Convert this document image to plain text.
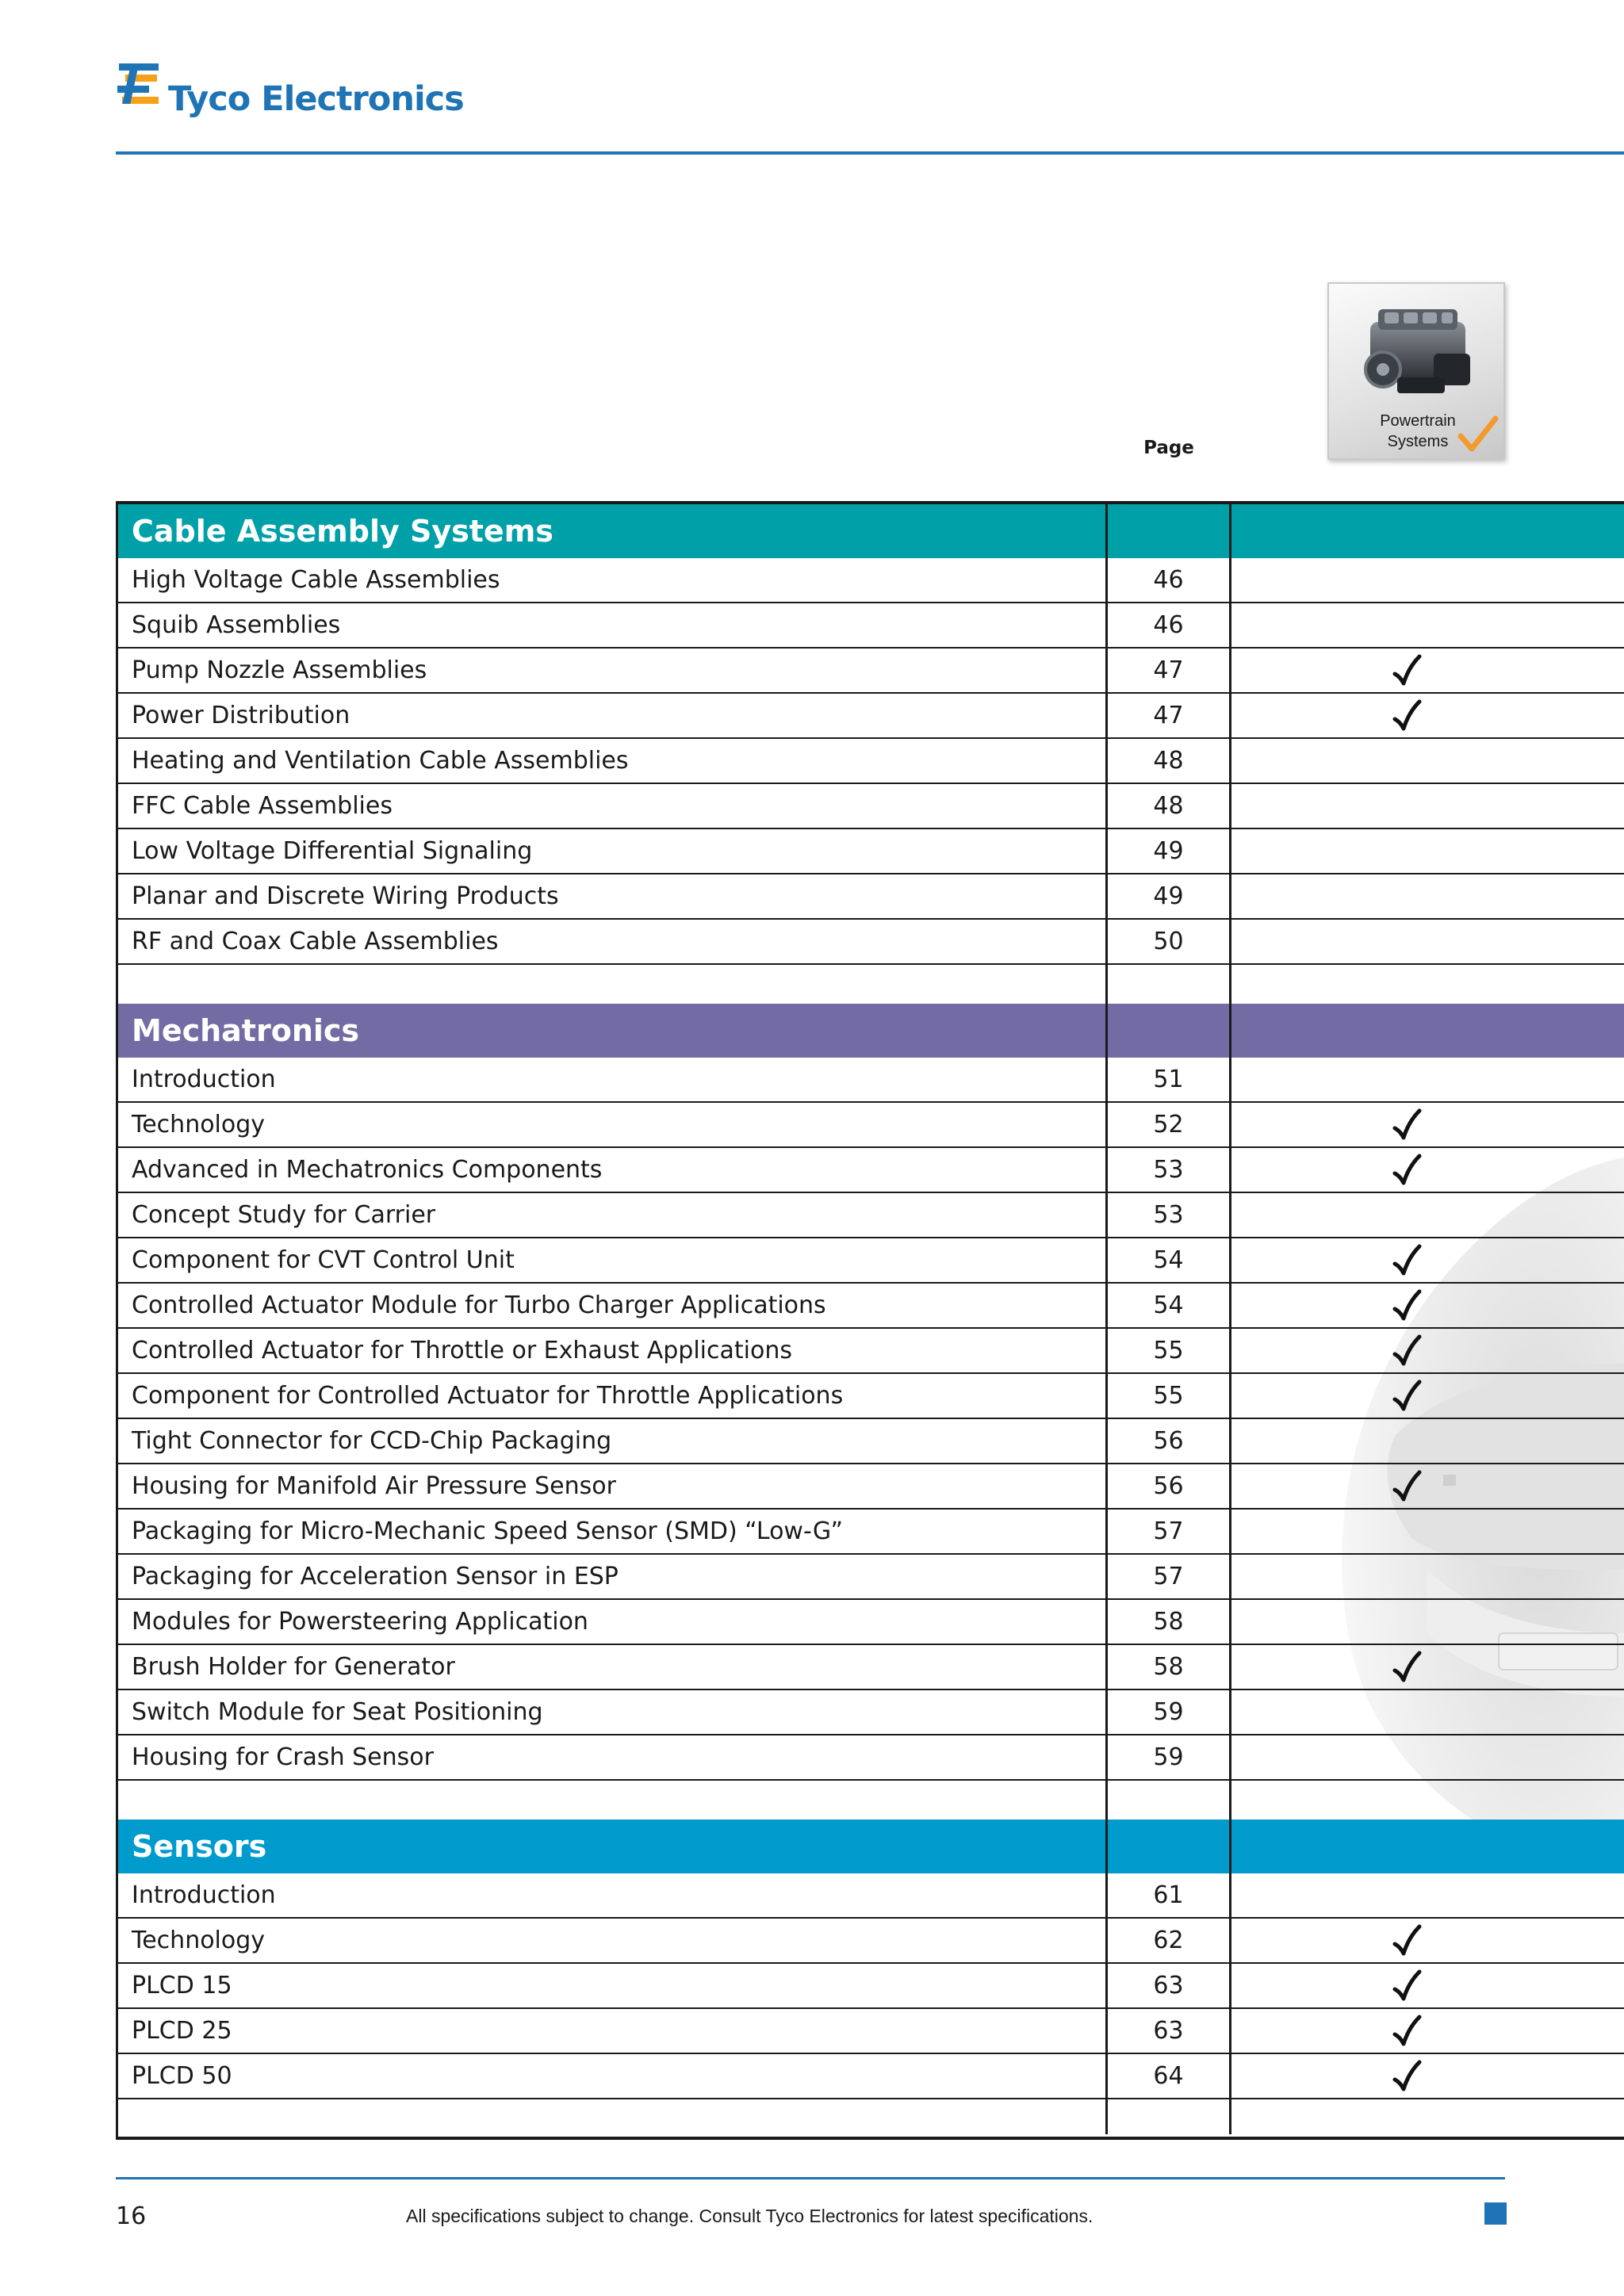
Tyco Electronics
Powertrain
Systems
Page
Cable Assembly Systems
High Voltage Cable Assemblies	46
Squib Assemblies	46
Pump Nozzle Assemblies	47
Power Distribution	47
Heating and Ventilation Cable Assemblies	48
FFC Cable Assemblies	48
Low Voltage Differential Signaling	49
Planar and Discrete Wiring Products	49
RF and Coax Cable Assemblies	50
Mechatronics
Introduction	51
Technology	52
Advanced in Mechatronics Components	53
Concept Study for Carrier	53
Component for CVT Control Unit	54
Controlled Actuator Module for Turbo Charger Applications	54
Controlled Actuator for Throttle or Exhaust Applications	55
Component for Controlled Actuator for Throttle Applications	55
Tight Connector for CCD-Chip Packaging	56
Housing for Manifold Air Pressure Sensor	56
Packaging for Micro-Mechanic Speed Sensor (SMD) “Low-G”	57
Packaging for Acceleration Sensor in ESP	57
Modules for Powersteering Application	58
Brush Holder for Generator	58
Switch Module for Seat Positioning	59
Housing for Crash Sensor	59
Sensors
Introduction	61
Technology	62
PLCD 15	63
PLCD 25	63
PLCD 50	64
16	All specifications subject to change. Consult Tyco Electronics for latest specifications.
